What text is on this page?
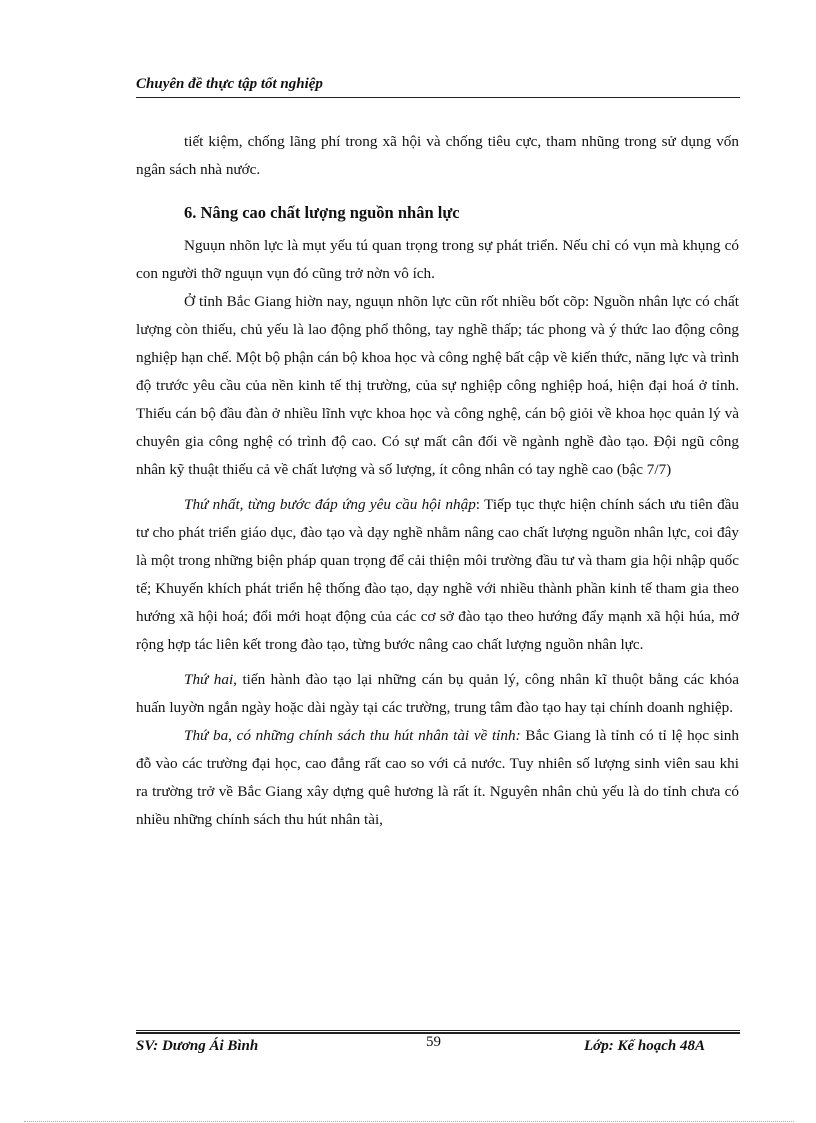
Chuyên đề thực tập tốt nghiệp

tiết kiệm, chống lãng phí trong xã hội và chống tiêu cực, tham nhũng trong sử dụng vốn ngân sách nhà nước.

6. Nâng cao chất lượng nguồn nhân lực

Nguụn nhõn lực là mụt yếu tú quan trọng trong sự phát triển. Nếu chỉ có vụn mà khụng có con người thỡ nguụn vụn đó cũng trở nờn vô ích.

Ở tỉnh Bắc Giang hiờn nay, nguụn nhõn lực cũn rốt nhiều bốt cõp: Nguồn nhân lực có chất lượng còn thiếu, chủ yếu là lao động phổ thông, tay nghề thấp; tác phong và ý thức lao động công nghiệp hạn chế. Một bộ phận cán bộ khoa học và công nghệ bất cập về kiến thức, năng lực và trình độ trước yêu cầu của nền kinh tế thị trường, của sự nghiệp công nghiệp hoá, hiện đại hoá ở tỉnh. Thiếu cán bộ đầu đàn ở nhiều lĩnh vực khoa học và công nghệ, cán bộ giỏi về khoa học quản lý và chuyên gia công nghệ có trình độ cao. Có sự mất cân đối về ngành nghề đào tạo. Đội ngũ công nhân kỹ thuật thiếu cả về chất lượng và số lượng, ít công nhân có tay nghề cao (bậc 7/7)

Thứ nhất, từng bước đáp ứng yêu cầu hội nhập: Tiếp tục thực hiện chính sách ưu tiên đầu tư cho phát triển giáo dục, đào tạo và dạy nghề nhằm nâng cao chất lượng nguồn nhân lực, coi đây là một trong những biện pháp quan trọng để cải thiện môi trường đầu tư và tham gia hội nhập quốc tế; Khuyến khích phát triển hệ thống đào tạo, dạy nghề với nhiều thành phần kinh tế tham gia theo hướng xã hội hoá; đổi mới hoạt động của các cơ sở đào tạo theo hướng đẩy mạnh xã hội húa, mở rộng hợp tác liên kết trong đào tạo, từng bước nâng cao chất lượng nguồn nhân lực.

Thứ hai, tiến hành đào tạo lại những cán bụ quản lý, công nhân kĩ thuột bằng các khóa huấn luyờn ngắn ngày hoặc dài ngày tại các trường, trung tâm đào tạo hay tại chính doanh nghiệp.

Thứ ba, có những chính sách thu hút nhân tài về tỉnh: Bắc Giang là tỉnh có tỉ lệ học sinh đỗ vào các trường đại học, cao đẳng rất cao so với cả nước. Tuy nhiên số lượng sinh viên sau khi ra trường trở về Bắc Giang xây dựng quê hương là rất ít. Nguyên nhân chủ yếu là do tỉnh chưa có nhiều những chính sách thu hút nhân tài,

SV: Dương Ái Bình	59	Lớp: Kế hoạch 48A
